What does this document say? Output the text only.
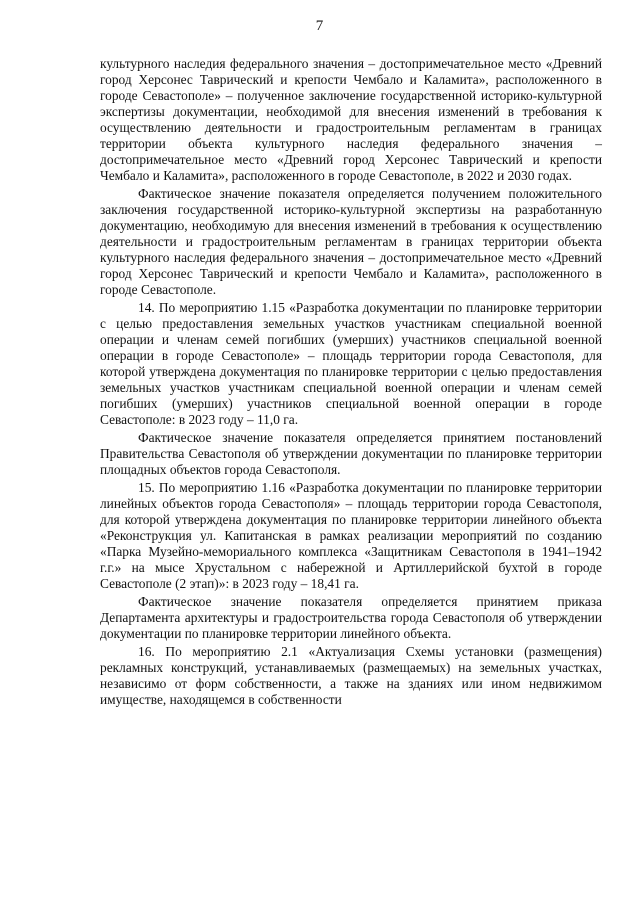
7

культурного наследия федерального значения – достопримечательное место «Древний город Херсонес Таврический и крепости Чембало и Каламита», расположенного в городе Севастополе» – полученное заключение государственной историко-культурной экспертизы документации, необходимой для внесения изменений в требования к осуществлению деятельности и градостроительным регламентам в границах территории объекта культурного наследия федерального значения – достопримечательное место «Древний город Херсонес Таврический и крепости Чембало и Каламита», расположенного в городе Севастополе, в 2022 и 2030 годах.

Фактическое значение показателя определяется получением положительного заключения государственной историко-культурной экспертизы на разработанную документацию, необходимую для внесения изменений в требования к осуществлению деятельности и градостроительным регламентам в границах территории объекта культурного наследия федерального значения – достопримечательное место «Древний город Херсонес Таврический и крепости Чембало и Каламита», расположенного в городе Севастополе.

14. По мероприятию 1.15 «Разработка документации по планировке территории с целью предоставления земельных участков участникам специальной военной операции и членам семей погибших (умерших) участников специальной военной операции в городе Севастополе» – площадь территории города Севастополя, для которой утверждена документация по планировке территории с целью предоставления земельных участков участникам специальной военной операции и членам семей погибших (умерших) участников специальной военной операции в городе Севастополе: в 2023 году – 11,0 га.

Фактическое значение показателя определяется принятием постановлений Правительства Севастополя об утверждении документации по планировке территории площадных объектов города Севастополя.

15. По мероприятию 1.16 «Разработка документации по планировке территории линейных объектов города Севастополя» – площадь территории города Севастополя, для которой утверждена документация по планировке территории линейного объекта «Реконструкция ул. Капитанская в рамках реализации мероприятий по созданию «Парка Музейно-мемориального комплекса «Защитникам Севастополя в 1941–1942 г.г.» на мысе Хрустальном с набережной и Артиллерийской бухтой в городе Севастополе (2 этап)»: в 2023 году – 18,41 га.

Фактическое значение показателя определяется принятием приказа Департамента архитектуры и градостроительства города Севастополя об утверждении документации по планировке территории линейного объекта.

16. По мероприятию 2.1 «Актуализация Схемы установки (размещения) рекламных конструкций, устанавливаемых (размещаемых) на земельных участках, независимо от форм собственности, а также на зданиях или ином недвижимом имуществе, находящемся в собственности
